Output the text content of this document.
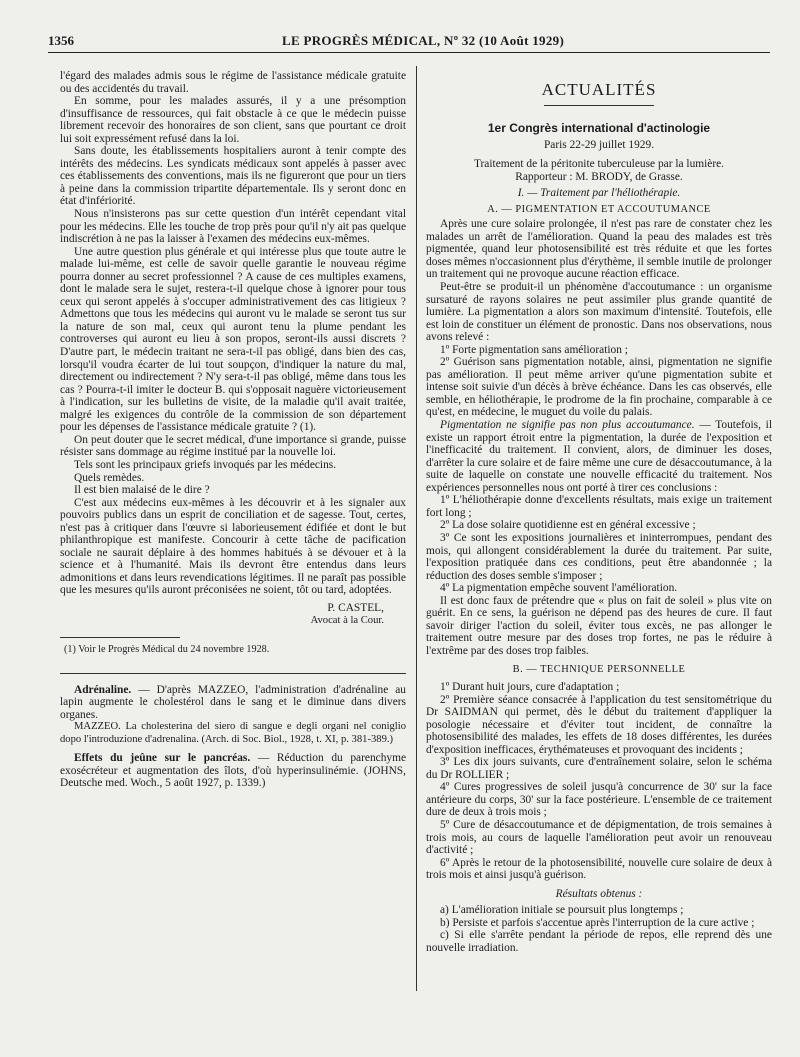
1356	LE PROGRÈS MÉDICAL, Nº 32 (10 Août 1929)

l'égard des malades admis sous le régime de l'assistance médicale gratuite ou des accidentés du travail.

En somme, pour les malades assurés, il y a une présomption d'insuffisance de ressources, qui fait obstacle à ce que le médecin puisse librement recevoir des honoraires de son client, sans que pourtant ce droit lui soit expressément refusé dans la loi.

Sans doute, les établissements hospitaliers auront à tenir compte des intérêts des médecins. Les syndicats médicaux sont appelés à passer avec ces établissements des conventions, mais ils ne figureront que pour un tiers à peine dans la commission tripartite départementale. Ils y seront donc en état d'infériorité.

Nous n'insisterons pas sur cette question d'un intérêt cependant vital pour les médecins. Elle les touche de trop près pour qu'il n'y ait pas quelque indiscrétion à ne pas la laisser à l'examen des médecins eux-mêmes.

Une autre question plus générale et qui intéresse plus que toute autre le malade lui-même, est celle de savoir quelle garantie le nouveau régime pourra donner au secret professionnel ? A cause de ces multiples examens, dont le malade sera le sujet, restera-t-il quelque chose à ignorer pour tous ceux qui seront appelés à s'occuper administrativement des cas litigieux ? Admettons que tous les médecins qui auront vu le malade se seront tus sur la nature de son mal, ceux qui auront tenu la plume pendant les controverses qui auront eu lieu à son propos, seront-ils aussi discrets ? D'autre part, le médecin traitant ne sera-t-il pas obligé, dans bien des cas, lorsqu'il voudra écarter de lui tout soupçon, d'indiquer la nature du mal, directement ou indirectement ? N'y sera-t-il pas obligé, même dans tous les cas ? Pourra-t-il imiter le docteur B. qui s'opposait naguère victorieusement à l'indication, sur les bulletins de visite, de la maladie qu'il avait traitée, malgré les exigences du contrôle de la commission de son département pour les dépenses de l'assistance médicale gratuite ? (1).

On peut douter que le secret médical, d'une importance si grande, puisse résister sans dommage au régime institué par la nouvelle loi.

Tels sont les principaux griefs invoqués par les médecins.

Quels remèdes.

Il est bien malaisé de le dire ?

C'est aux médecins eux-mêmes à les découvrir et à les signaler aux pouvoirs publics dans un esprit de conciliation et de sagesse. Tout, certes, n'est pas à critiquer dans l'œuvre si laborieusement édifiée et dont le but philanthropique est manifeste. Concourir à cette tâche de pacification sociale ne saurait déplaire à des hommes habitués à se dévouer et à la science et à l'humanité. Mais ils devront être entendus dans leurs admonitions et dans leurs revendications légitimes. Il ne paraît pas possible que les mesures qu'ils auront préconisées ne soient, tôt ou tard, adoptées.

P. CASTEL,

Avocat à la Cour.

(1) Voir le Progrès Médical du 24 novembre 1928.

Adrénaline. — D'après MAZZEO, l'administration d'adrénaline au lapin augmente le cholestérol dans le sang et le diminue dans divers organes.

MAZZEO. La cholesterina del siero di sangue e degli organi nel coniglio dopo l'introduzione d'adrenalina. (Arch. di Soc. Biol., 1928, t. XI, p. 381-389.)

Effets du jeûne sur le pancréas. — Réduction du parenchyme exosécréteur et augmentation des îlots, d'où hyperinsulinémie. (JOHNS, Deutsche med. Woch., 5 août 1927, p. 1339.)

ACTUALITÉS

1er Congrès international d'actinologie

Paris 22-29 juillet 1929.

Traitement de la péritonite tuberculeuse par la lumière.

Rapporteur : M. BRODY, de Grasse.

I. — Traitement par l'héliothérapie.

A. — PIGMENTATION ET ACCOUTUMANCE

Après une cure solaire prolongée, il n'est pas rare de constater chez les malades un arrêt de l'amélioration. Quand la peau des malades est très pigmentée, quand leur photosensibilité est très réduite et que les fortes doses mêmes n'occasionnent plus d'érythème, il semble inutile de prolonger un traitement qui ne provoque aucune réaction efficace.

Peut-être se produit-il un phénomène d'accoutumance : un organisme sursaturé de rayons solaires ne peut assimiler plus grande quantité de lumière. La pigmentation a alors son maximum d'intensité. Toutefois, elle est loin de constituer un élément de pronostic. Dans nos observations, nous avons relevé :

1º Forte pigmentation sans amélioration ;

2º Guérison sans pigmentation notable, ainsi, pigmentation ne signifie pas amélioration. Il peut même arriver qu'une pigmentation subite et intense soit suivie d'un décès à brève échéance. Dans les cas observés, elle semble, en héliothérapie, le prodrome de la fin prochaine, comparable à ce qu'est, en médecine, le muguet du voile du palais.

Pigmentation ne signifie pas non plus accoutumance. — Toutefois, il existe un rapport étroit entre la pigmentation, la durée de l'exposition et l'inefficacité du traitement. Il convient, alors, de diminuer les doses, d'arrêter la cure solaire et de faire même une cure de désaccoutumance, à la suite de laquelle on constate une nouvelle efficacité du traitement. Nos expériences personnelles nous ont porté à tirer ces conclusions :

1º L'héliothérapie donne d'excellents résultats, mais exige un traitement fort long ;

2º La dose solaire quotidienne est en général excessive ;

3º Ce sont les expositions journalières et ininterrompues, pendant des mois, qui allongent considérablement la durée du traitement. Par suite, l'exposition pratiquée dans ces conditions, peut être abandonnée ; la réduction des doses semble s'imposer ;

4º La pigmentation empêche souvent l'amélioration.

Il est donc faux de prétendre que « plus on fait de soleil » plus vite on guérit. En ce sens, la guérison ne dépend pas des heures de cure. Il faut savoir diriger l'action du soleil, éviter tous excès, ne pas allonger le traitement outre mesure par des doses trop fortes, ne pas le réduire à l'extrême par des doses trop faibles.

B. — TECHNIQUE PERSONNELLE

1º Durant huit jours, cure d'adaptation ;

2º Première séance consacrée à l'application du test sensitométrique du Dr SAIDMAN qui permet, dès le début du traitement d'appliquer la posologie nécessaire et d'éviter tout incident, de connaître la photosensibilité des malades, les effets de 18 doses différentes, les durées d'exposition inefficaces, érythémateuses et provoquant des incidents ;

3º Les dix jours suivants, cure d'entraînement solaire, selon le schéma du Dr ROLLIER ;

4º Cures progressives de soleil jusqu'à concurrence de 30' sur la face antérieure du corps, 30' sur la face postérieure. L'ensemble de ce traitement dure de deux à trois mois ;

5º Cure de désaccoutumance et de dépigmentation, de trois semaines à trois mois, au cours de laquelle l'amélioration peut avoir un renouveau d'activité ;

6º Après le retour de la photosensibilité, nouvelle cure solaire de deux à trois mois et ainsi jusqu'à guérison.

Résultats obtenus :

a) L'amélioration initiale se poursuit plus longtemps ;

b) Persiste et parfois s'accentue après l'interruption de la cure active ;

c) Si elle s'arrête pendant la période de repos, elle reprend dès une nouvelle irradiation.
